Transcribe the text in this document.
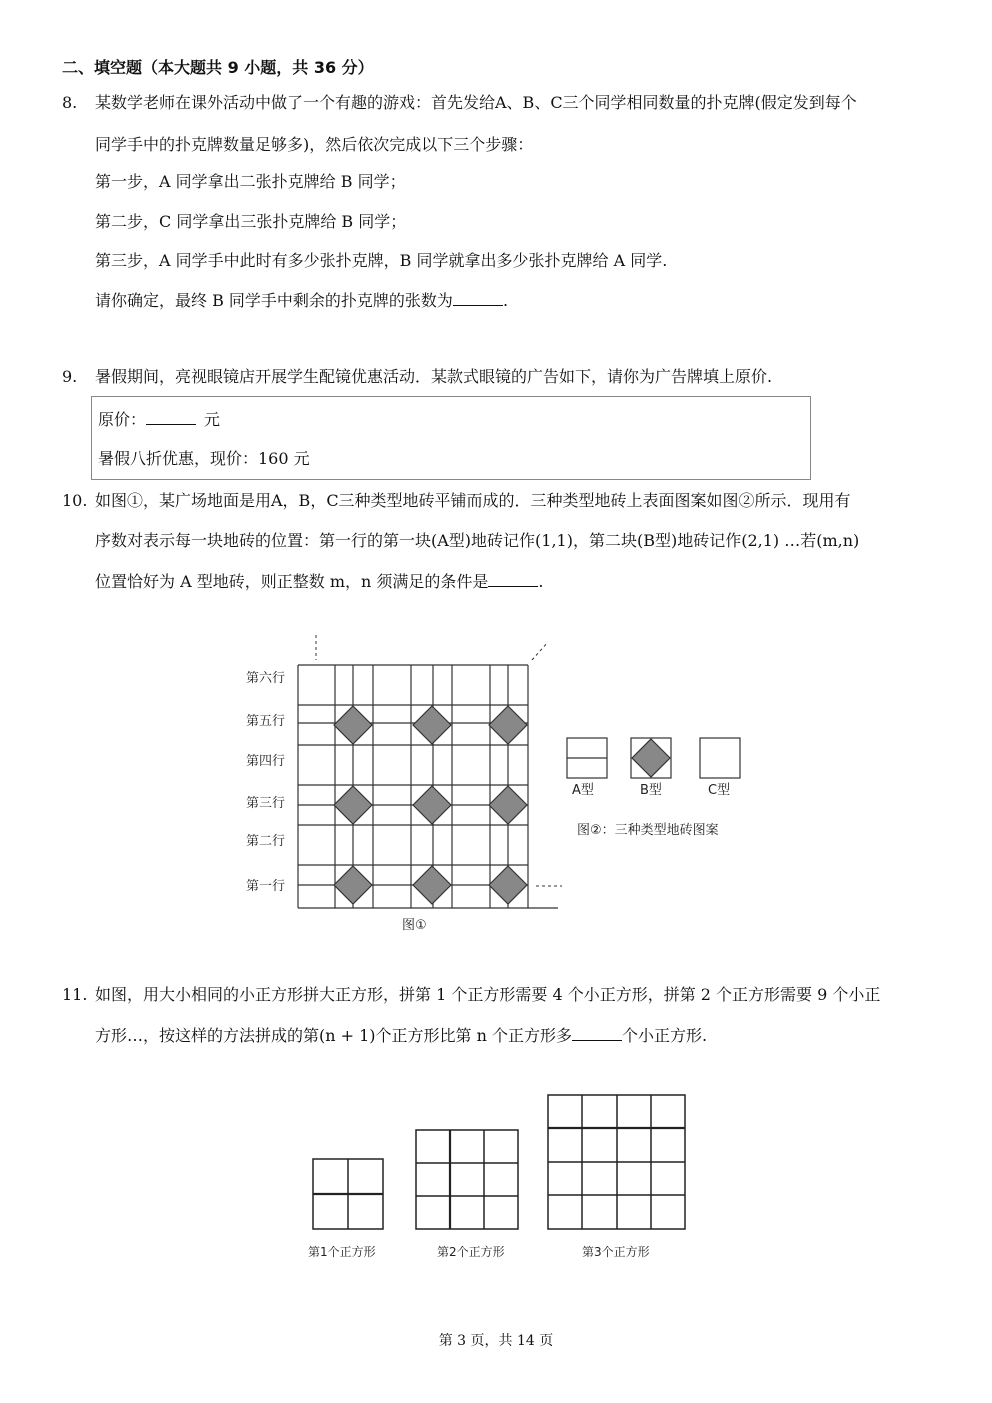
二、填空题（本大题共 9 小题，共 36 分）
8. 某数学老师在课外活动中做了一个有趣的游戏：首先发给A、B、C三个同学相同数量的扑克牌(假定发到每个
同学手中的扑克牌数量足够多)，然后依次完成以下三个步骤：
第一步，A 同学拿出二张扑克牌给 B 同学；
第二步，C 同学拿出三张扑克牌给 B 同学；
第三步，A 同学手中此时有多少张扑克牌，B 同学就拿出多少张扑克牌给 A 同学.
请你确定，最终 B 同学手中剩余的扑克牌的张数为	.
9. 暑假期间，亮视眼镜店开展学生配镜优惠活动．某款式眼镜的广告如下，请你为广告牌填上原价.
原价：	元
暑假八折优惠，现价：160 元
10. 如图①，某广场地面是用A，B，C三种类型地砖平铺而成的．三种类型地砖上表面图案如图②所示．现用有
序数对表示每一块地砖的位置：第一行的第一块(A型)地砖记作(1,1)，第二块(B型)地砖记作(2,1) …若(m,n)
位置恰好为 A 型地砖，则正整数 m，n 须满足的条件是	.
第六行
第五行
第四行
第三行
第二行
第一行
图①
A型	B型	C型
图②：三种类型地砖图案
11. 如图，用大小相同的小正方形拼大正方形，拼第 1 个正方形需要 4 个小正方形，拼第 2 个正方形需要 9 个小正
方形…，按这样的方法拼成的第(n + 1)个正方形比第 n 个正方形多	个小正方形.
第1个正方形	第2个正方形	第3个正方形
第 3 页，共 14 页
